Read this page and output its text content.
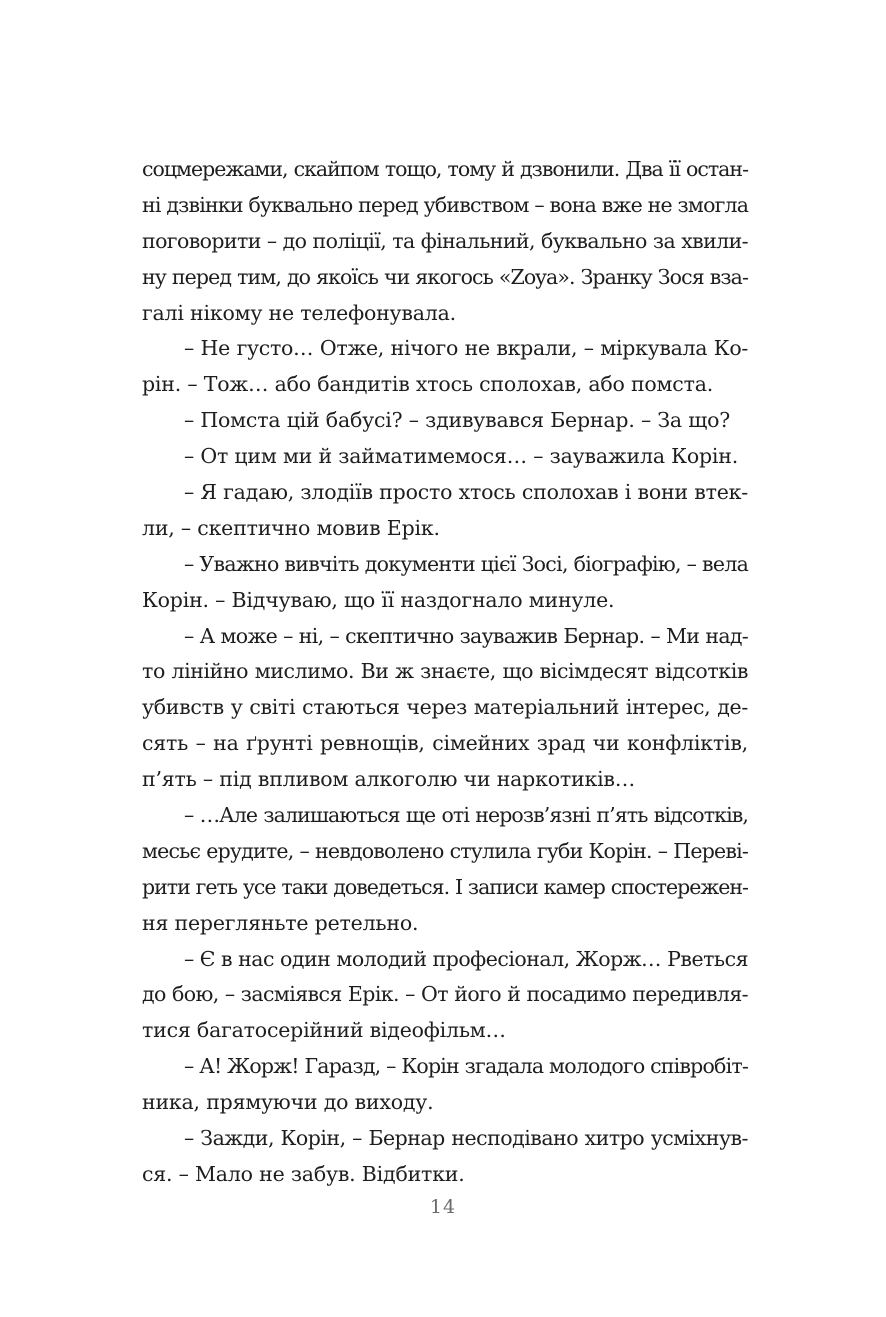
соцмережами, скайпом тощо, тому й дзвонили. Два її остан-
ні дзвінки буквально перед убивством – вона вже не змогла
поговорити – до поліції, та фінальний, буквально за хвили-
ну перед тим, до якоїсь чи якогось «Zoya». Зранку Зося вза-
галі нікому не телефонувала.
– Не густо… Отже, нічого не вкрали, – міркувала Ко-
рін. – Тож… або бандитів хтось сполохав, або помста.
– Помста цій бабусі? – здивувався Бернар. – За що?
– От цим ми й займатимемося… – зауважила Корін.
– Я гадаю, злодіїв просто хтось сполохав і вони втек-
ли, – скептично мовив Ерік.
– Уважно вивчіть документи цієї Зосі, біографію, – вела
Корін. – Відчуваю, що її наздогнало минуле.
– А може – ні, – скептично зауважив Бернар. – Ми над-
то лінійно мислимо. Ви ж знаєте, що вісімдесят відсотків
убивств у світі стаються через матеріальний інтерес, де-
сять – на ґрунті ревнощів, сімейних зрад чи конфліктів,
п’ять – під впливом алкоголю чи наркотиків…
– …Але залишаються ще оті нерозв’язні п’ять відсотків,
месьє ерудите, – невдоволено стулила губи Корін. – Переві-
рити геть усе таки доведеться. І записи камер спостережен-
ня перегляньте ретельно.
– Є в нас один молодий професіонал, Жорж… Рветься
до бою, – засміявся Ерік. – От його й посадимо передивля-
тися багатосерійний відеофільм…
– А! Жорж! Гаразд, – Корін згадала молодого співробіт-
ника, прямуючи до виходу.
– Зажди, Корін, – Бернар несподівано хитро усміхнув-
ся. – Мало не забув. Відбитки.
14
